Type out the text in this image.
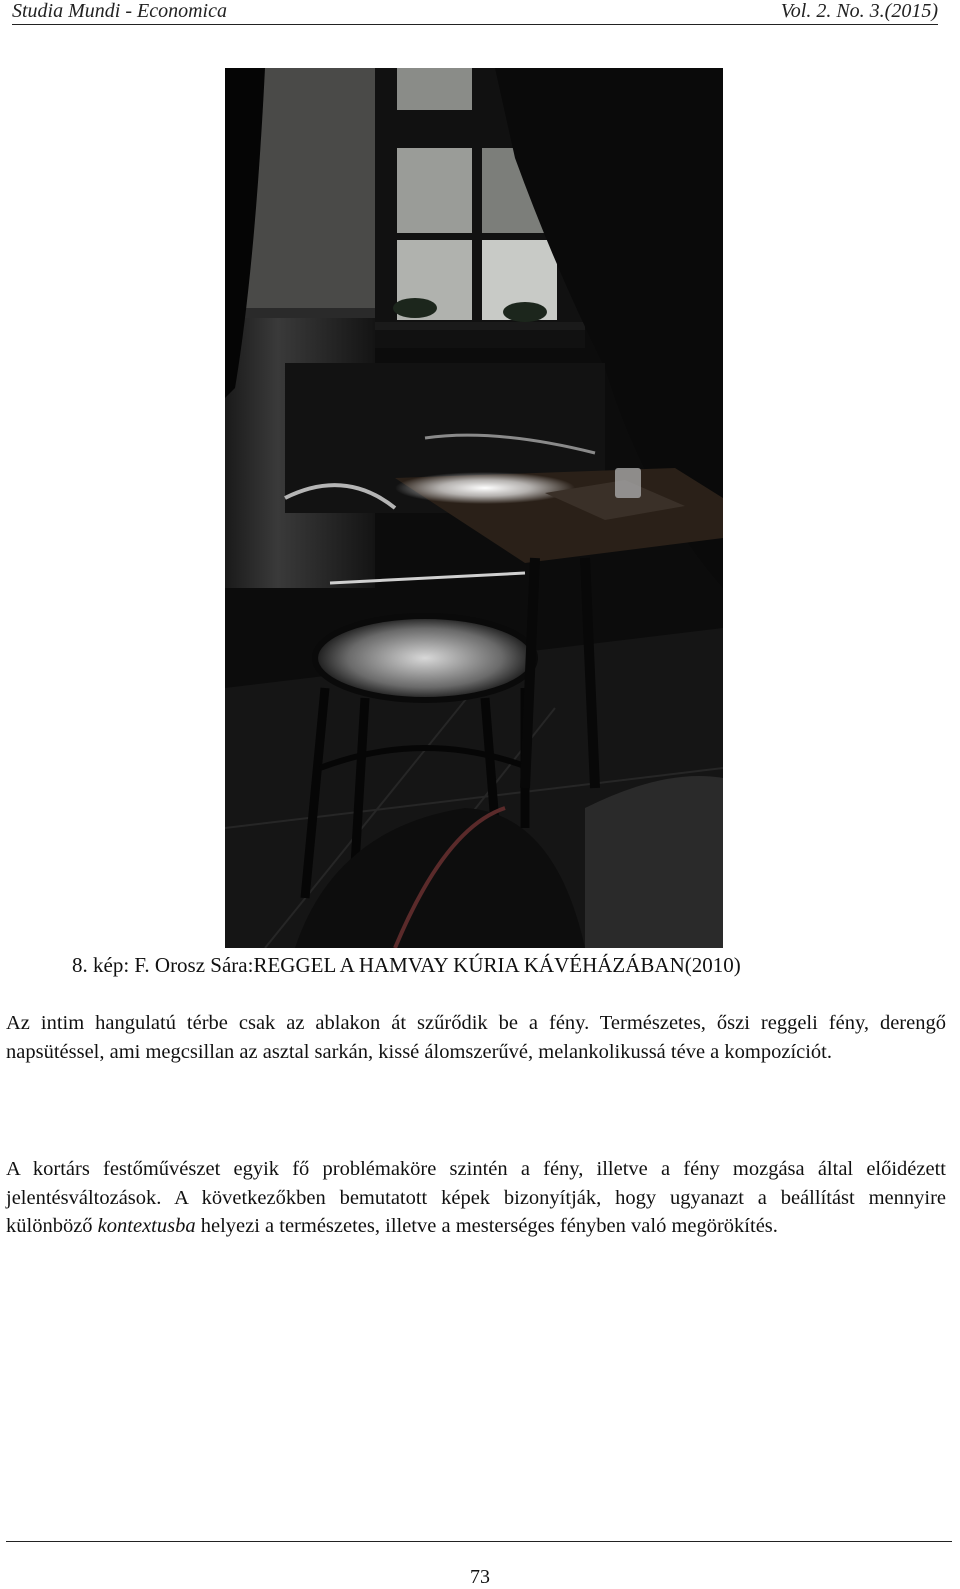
Studia Mundi - Economica	Vol. 2. No. 3.(2015)
8. kép: F. Orosz Sára:REGGEL A HAMVAY KÚRIA KÁVÉHÁZÁBAN(2010)

Az intim hangulatú térbe csak az ablakon át szűrődik be a fény. Természetes, őszi reggeli fény, derengő napsütéssel, ami megcsillan az asztal sarkán, kissé álomszerűvé, melankolikussá téve a kompozíciót.

A kortárs festőművészet egyik fő problémaköre szintén a fény, illetve a fény mozgása által előidézett jelentésváltozások. A következőkben bemutatott képek bizonyítják, hogy ugyanazt a beállítást mennyire különböző kontextusba helyezi a természetes, illetve a mesterséges fényben való megörökítés.

73
